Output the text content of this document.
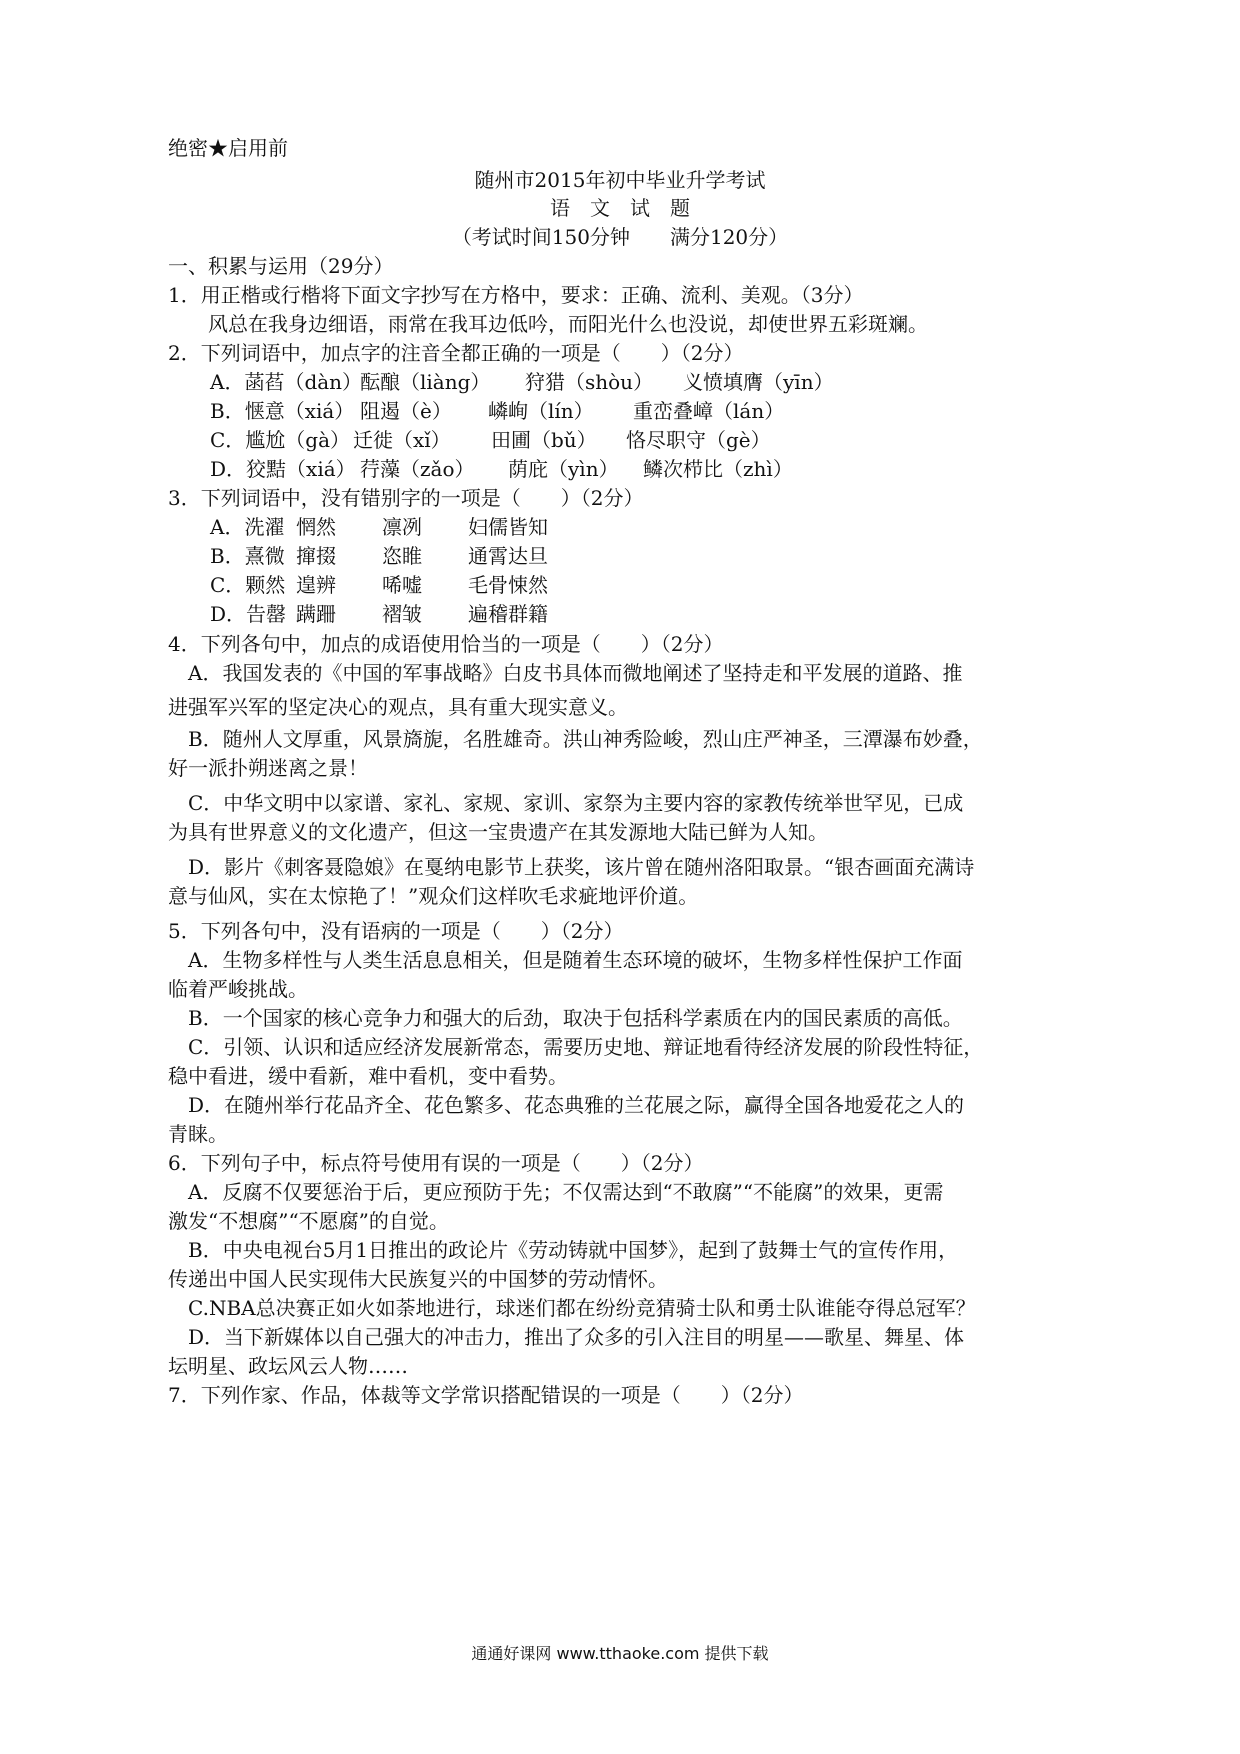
绝密★启用前
随州市2015年初中毕业升学考试
语　文　试　题
（考试时间150分钟　　满分120分）
一、积累与运用（29分）
1．用正楷或行楷将下面文字抄写在方格中，要求：正确、流利、美观。（3分）
风总在我身边细语，雨常在我耳边低吟，而阳光什么也没说，却使世界五彩斑斓。
2．下列词语中，加点字的注音全都正确的一项是（　　）（2分）
A．菡萏（dàn）酝酿（liàng） 狩猎（shòu） 义愤填膺（yīn）
B．惬意（xiá） 阻遏（è） 嶙峋（lín） 重峦叠嶂（lán）
C．尴尬（gà） 迁徙（xǐ） 田圃（bǔ） 恪尽职守（gè）
D．狡黠（xiá） 荇藻（zǎo） 荫庇（yìn） 鳞次栉比（zhì）
3．下列词语中，没有错别字的一项是（　　）（2分）
A．洗濯 惘然 凛冽 妇儒皆知
B．熹微 撺掇 恣睢 通霄达旦
C．颗然 遑辨 唏嘘 毛骨悚然
D．告罄 蹒跚 褶皱 遍稽群籍
4．下列各句中，加点的成语使用恰当的一项是（　　）（2分）
A．我国发表的《中国的军事战略》白皮书具体而微地阐述了坚持走和平发展的道路、推
进强军兴军的坚定决心的观点，具有重大现实意义。
B．随州人文厚重，风景旖旎，名胜雄奇。洪山神秀险峻，烈山庄严神圣，三潭瀑布妙叠，
好一派扑朔迷离之景！
C．中华文明中以家谱、家礼、家规、家训、家祭为主要内容的家教传统举世罕见，已成
为具有世界意义的文化遗产，但这一宝贵遗产在其发源地大陆已鲜为人知。
D．影片《刺客聂隐娘》在戛纳电影节上获奖，该片曾在随州洛阳取景。“银杏画面充满诗
意与仙风，实在太惊艳了！”观众们这样吹毛求疵地评价道。
5．下列各句中，没有语病的一项是（　　）（2分）
A．生物多样性与人类生活息息相关，但是随着生态环境的破坏，生物多样性保护工作面
临着严峻挑战。
B．一个国家的核心竞争力和强大的后劲，取决于包括科学素质在内的国民素质的高低。
C．引领、认识和适应经济发展新常态，需要历史地、辩证地看待经济发展的阶段性特征，
稳中看进，缓中看新，难中看机，变中看势。
D．在随州举行花品齐全、花色繁多、花态典雅的兰花展之际，赢得全国各地爱花之人的
青睐。
6．下列句子中，标点符号使用有误的一项是（　　）（2分）
A．反腐不仅要惩治于后，更应预防于先；不仅需达到“不敢腐”“不能腐”的效果，更需
激发“不想腐”“不愿腐”的自觉。
B．中央电视台5月1日推出的政论片《劳动铸就中国梦》，起到了鼓舞士气的宣传作用，
传递出中国人民实现伟大民族复兴的中国梦的劳动情怀。
C.NBA总决赛正如火如荼地进行，球迷们都在纷纷竞猜骑士队和勇士队谁能夺得总冠军？
D．当下新媒体以自己强大的冲击力，推出了众多的引入注目的明星——歌星、舞星、体
坛明星、政坛风云人物……
7．下列作家、作品，体裁等文学常识搭配错误的一项是（　　）（2分）
通通好课网 www.tthaoke.com 提供下载
